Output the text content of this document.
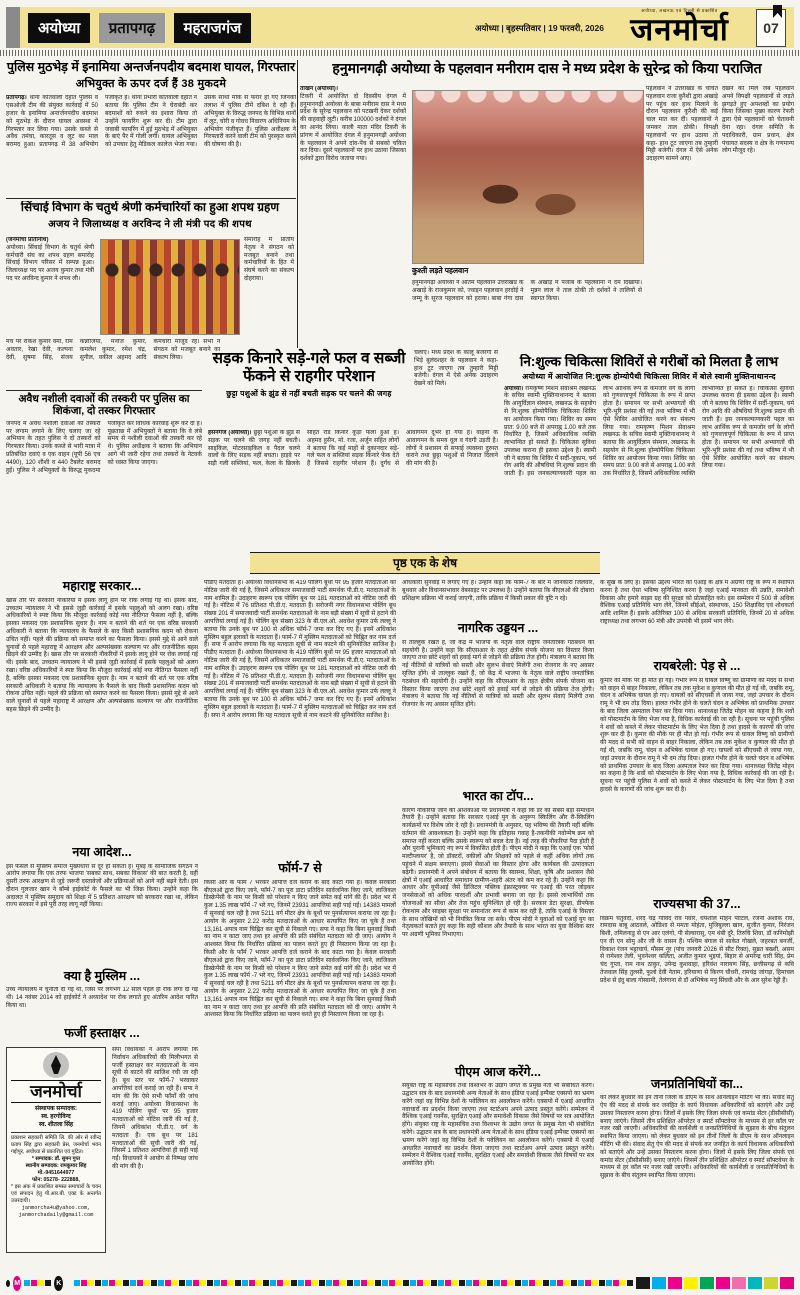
अयोध्या प्रतापगढ़ महराजगंज	अयोध्या | बृहस्पतिवार | 19 फरवरी, 2026
अयोध्या, लखनऊ एवं दिल्ली से प्रकाशित
जनमोर्चा	07
पुलिस मुठभेड़ में इनामिया अन्तर्जनपदीय बदमाश घायल, गिरफ्तार
अभियुक्त के ऊपर दर्ज हैं 38 मुकदमे
प्रतापगढ़। थाना कोतवाली देहात पुलिस व एसओजी टीम की संयुक्त कार्रवाई में 50 हजार के इनामिया अन्तर्जनपदीय बदमाश को मुठभेड़ के दौरान घायल अवस्था में गिरफ्तार कर लिया गया। उसके कब्जे से अवैध तमंचा, कारतूस व लूट का माल बरामद हुआ। प्रतापगढ़ में 38 अभियोग पंजीकृत हैं। थाना प्रभारी कोतवाली देहात ने बताया कि पुलिस टीम ने घेराबंदी कर बदमाशों को रुकने का इशारा किया तो उन्होंने फायरिंग शुरू कर दी। टीम द्वारा जवाबी फायरिंग में हुई मुठभेड़ में अभियुक्त के बाएं पैर में गोली लगी। घायल अभियुक्त को उपचार हेतु मेडिकल कालेज भेजा गया। उसके साथी मौके से फरार हो गए जिनकी तलाश में पुलिस टीमें दबिश दे रही हैं। अभियुक्त के विरुद्ध जनपद के विभिन्न थानों में लूट, चोरी व गोवध निवारण अधिनियम के अभियोग पंजीकृत हैं। पुलिस अधीक्षक ने गिरफ्तारी करने वाली टीम को पुरस्कृत करने की घोषणा की है।
हनुमानगढ़ी अयोध्या के पहलवान मनीराम दास ने मध्य प्रदेश के सुरेन्द्र को किया पराजित
ताखन (अयोध्या)।
टिकरी में आयोजित दो दिवसीय दंगल में हनुमानगढ़ी अयोध्या के बाबा मनीराम दास ने मध्य प्रदेश के सुरेन्द्र पहलवान को पटखनी देकर दर्शकों की वाहवाही लूटी। करीब 100000 दर्शकों ने दंगल का आनंद लिया। काली माता मंदिर टिकरी के प्रांगण में आयोजित दंगल में हनुमानगढ़ी अयोध्या के पहलवान ने अपने दांव-पेंच से सबको चकित कर दिया। दूसरे पहलवानों पर हाथ उठाया जिसका दर्शकों द्वारा विरोध जताया गया।
कुश्ती लड़ते पहलवान
हनुमानगढ़ी अयोध्या ने अंतिम पहलवान उत्तराखंड के अखाड़े के राजकुमार को, ज्वाइन पहलवान हरदोई ने जम्मू के सूरज पहलवान को हराया। बाबा गंगा दास के अखाड़े में पंजाब के पहलवानों ने दम दिखाया। मुन्नन लाल ने ताल ठोकी तो दर्शकों ने तालियों से स्वागत किया।
पहलवान ने उत्तराखंड के चर्चित पहलवान राजा कुरैशी द्वारा अखाड़े पर पहुंच कर हाथ मिलाने के दौरान पहलवान कुरैशी की कई चाल मात कर दी। पहलवानों ने जमकर ताल ठोकी। विपक्षी पहलवानों पर हाथ उठाया तो कहा- हाथ टूट जाएगा तब तुम्हारी मिट्टी बजेगी। दंगल में ऐसे अनेक उदाहरण सामने आए।
देखने को मिले जब पहलवान अपने विपक्षी पहलवानों से लड़ते झगड़ते हुए अपशब्दों का प्रयोग किया जिसका मुख्य कारण रेफरी द्वारा ऐसे पहलवानों को चेतावनी देना रहा। दंगल समिति के पदाधिकारी, ग्राम प्रधान, क्षेत्र पंचायत सदस्य व क्षेत्र के गणमान्य लोग मौजूद रहे।
सिंचाई विभाग के चतुर्थ श्रेणी कर्मचारियों का हुआ शपथ ग्रहण
अजय ने जिलाध्यक्ष व अरविन्द ने ली मंत्री पद की शपथ
(जनमोर्चा प्रतिनिधि)
अयोध्या। सिंचाई विभाग के चतुर्थ श्रेणी कर्मचारी संघ का शपथ ग्रहण समारोह सिंचाई विभाग परिसर में सम्पन्न हुआ। जिलाध्यक्ष पद पर अजय कुमार तथा मंत्री पद पर अरविन्द कुमार ने शपथ ली।
समारोह में प्रांतीय नेतृत्व ने संगठन को मजबूत बनाने तथा कर्मचारियों के हित में संघर्ष करने का संकल्प दोहराया।
मंच पर राकेश कुमार वर्मा, राम अवतार, रेखा देवी, कल्पना देवी, सुषमा सिंह, संजय कन्नौजिया, मनोज कुमार, कमलेश कुमार, रमेश चंद्र, सुनील, वकील अहमद आदि कर्मचारी मौजूद रहे। सभी ने संगठन को मजबूत बनाने का संकल्प लिया।
अवैध नशीली दवाओं की तस्करी पर पुलिस का शिकंजा, दो तस्कर गिरफ्तार
जनपद में अवैध नशीली दवाओं की तस्करी पर लगाम लगाने के लिए चलाए जा रहे अभियान के तहत पुलिस ने दो तस्करों को गिरफ्तार किया। उनके कब्जे से भारी मात्रा में प्रतिबंधित दवाएं व एक वाहन (यूपी 56 एच 4490), 120 शीशी व 440 टैबलेट बरामद हुईं। पुलिस ने अभियुक्तों के विरुद्ध मुकदमा पंजीकृत कर विधिक कार्रवाई शुरू कर दी है। पूछताछ में अभियुक्तों ने बताया कि वे लंबे समय से नशीली दवाओं की तस्करी कर रहे थे। पुलिस अधीक्षक ने बताया कि अभियान आगे भी जारी रहेगा तथा तस्करों के नेटवर्क को ध्वस्त किया जाएगा।
सड़क किनारे सड़े-गले फल व सब्जी फेंकने से राहगीर परेशान
छुट्टा पशुओं के झुंड से नहीं बचती सड़क पर चलने की जगह
चलाए। मध्य प्रदेश के कालू बजरंगी से भिड़े बुलंदशहर के पहलवान ने कहा- हाथ टूट जाएगा तब तुम्हारी मिट्टी बजेगी। दंगल में ऐसे अनेक उदाहरण देखने को मिले।
हसनगंज (अयोध्या)। छुट्टा पशुओं के झुंड से सड़क पर चलने की जगह नहीं बचती। साइकिल, मोटरसाइकिल व पैदल चलने वालों के लिए सड़क नहीं बचता। हाइवे पर सड़ी गली सब्जियां, फल, केला के छिलके सहित रोड किनारे कूड़ा फैला हुआ है। अहमद हुसैन, मो. रजा, अर्जुन सहित लोगों ने बताया कि कई माहों से दुकानदार सड़े-गले फल व सब्जियां सड़क किनारे फेंक देते हैं जिससे राहगीर परेशान हैं। दुर्गंध से आवागमन दूभर हो गया है। वाहनों के आवागमन के समय धूल व गंदगी उड़ती है। लोगों ने प्रशासन से सफाई व्यवस्था दुरुस्त कराने तथा छुट्टा पशुओं से निजात दिलाने की मांग की है।
नि:शुल्क चिकित्सा शिविरों से गरीबों को मिलता है लाभ
अयोध्या में आयोजित नि:शुल्क होम्योपैथी चिकित्सा शिविर में बोले स्वामी मुक्तिनाथानन्द
अयोध्या। रामकृष्ण मिशन सेवाश्रम लखनऊ के सचिव स्वामी मुक्तिनाथानन्द ने बताया कि आयुर्विज्ञान संस्थान, लखनऊ के सहयोग से नि:शुल्क होम्योपैथिक चिकित्सा शिविर का आयोजन किया गया। शिविर का समय प्रात: 9.00 बजे से अपराह्न 1.00 बजे तक निर्धारित है, जिसमें अधिकाधिक व्यक्ति लाभान्वित हो सकते हैं। चिकित्सा सुविधा उपलब्ध कराना ही इसका उद्देश्य है। स्वामी जी ने बताया कि शिविर में सर्दी-जुकाम, चर्म रोग आदि की औषधियां नि:शुल्क प्रदान की जाती हैं। इस जनकल्याणकारी पहल का लाभ आर्थिक रूप से कमजोर वर्ग के लोगों को गुणवत्तापूर्ण चिकित्सा के रूप में प्राप्त होता है। समापन पर सभी अभ्यागतों की भूरि-भूरि प्रशंसा की गई तथा भविष्य में भी ऐसे शिविर आयोजित करने का संकल्प लिया गया। रामकृष्ण मिशन सेवाश्रम लखनऊ के सचिव स्वामी मुक्तिनाथानन्द ने बताया कि आयुर्विज्ञान संस्थान, लखनऊ के सहयोग से नि:शुल्क होम्योपैथिक चिकित्सा शिविर का आयोजन किया गया। शिविर का समय प्रात: 9.00 बजे से अपराह्न 1.00 बजे तक निर्धारित है, जिसमें अधिकाधिक व्यक्ति लाभान्वित हो सकते हैं। चिकित्सा सुविधा उपलब्ध कराना ही इसका उद्देश्य है। स्वामी जी ने बताया कि शिविर में सर्दी-जुकाम, चर्म रोग आदि की औषधियां नि:शुल्क प्रदान की जाती हैं। इस जनकल्याणकारी पहल का लाभ आर्थिक रूप से कमजोर वर्ग के लोगों को गुणवत्तापूर्ण चिकित्सा के रूप में प्राप्त होता है। समापन पर सभी अभ्यागतों की भूरि-भूरि प्रशंसा की गई तथा भविष्य में भी ऐसे शिविर आयोजित करने का संकल्प लिया गया।
पृष्ठ एक के शेष
महाराष्ट्र सरकार...
खास तौर पर सरकारी नौकरियों में इसके लागू होने पर रोक लगाई गई थी। इसके बाद, उच्चतम न्यायालय ने भी इससे जुड़ी कार्रवाई में इसके पहलुओं को अलग रखा। वरिष्ठ अधिकारियों ने स्पष्ट किया कि मौजूदा कार्रवाई कोई नया नीतिगत फैसला नहीं है, बल्कि इसका मकसद एक प्रशासनिक सुधार है। नाम न बताने की शर्त पर एक वरिष्ठ सरकारी अधिकारी ने बताया कि न्यायालय के फैसले के बाद किसी प्रशासनिक कदम को रोकना उचित नहीं। पहले की प्रक्रिया को समाप्त करने का फैसला किया। इससे मुद्दे से आने वाले चुनावों से पहले महाराष्ट्र में आरक्षण और अल्पसंख्यक कल्याण पर और राजनीतिक बहस छिड़ने की उम्मीद है। खास तौर पर सरकारी नौकरियों में इसके लागू होने पर रोक लगाई गई थी। इसके बाद, उच्चतम न्यायालय ने भी इससे जुड़ी कार्रवाई में इसके पहलुओं को अलग रखा। वरिष्ठ अधिकारियों ने स्पष्ट किया कि मौजूदा कार्रवाई कोई नया नीतिगत फैसला नहीं है, बल्कि इसका मकसद एक प्रशासनिक सुधार है। नाम न बताने की शर्त पर एक वरिष्ठ सरकारी अधिकारी ने बताया कि न्यायालय के फैसले के बाद किसी प्रशासनिक कदम को रोकना उचित नहीं। पहले की प्रक्रिया को समाप्त करने का फैसला किया। इससे मुद्दे से आने वाले चुनावों से पहले महाराष्ट्र में आरक्षण और अल्पसंख्यक कल्याण पर और राजनीतिक बहस छिड़ने की उम्मीद है।
नया आदेश...
इस फैसले से मुस्लिम समाज मुख्यधारा से दूर हो सकता है। मुंबई के सामाजिक संगठन ने आरोप लगाया कि एक तरफ भाजपा 'सबका साथ, सबका विकास' की बात करती है, वहीं दूसरी तरफ आरक्षण से जुड़े जरूरी दस्तावेजों और प्रक्रियाओं को आगे नहीं बढ़ने देती। इस दौरान गुलजार खान ने बॉम्बे हाईकोर्ट के फैसले का भी जिक्र किया। उन्होंने कहा कि अदालत ने मुस्लिम समुदाय को शिक्षा में 5 प्रतिशत आरक्षण को बरकरार रखा था, लेकिन राज्य सरकार ने इसे पूरी तरह लागू नहीं किया।
क्या है मुस्लिम ...
उच्च न्यायालय में चुनौती दी गई थी, जिस पर लगभग 12 साल पहले ही रोक लगा दी गई थी। 14 नवंबर 2014 को हाईकोर्ट ने अध्यादेश पर रोक लगाते हुए अंतरिम आदेश पारित किया था।
फर्जी हस्ताक्षर ...
जनमोर्चा
संस्थापक सम्पादक:
स्व. हरगोविन्द
स्व. शीतला सिंह
प्रकाशन सहकारी समिति लि. की ओर से रवीन्द्र प्रताप सिंह द्वारा सहकारी प्रेस, जनमोर्चा भवन गद्दोपुर, अयोध्या से प्रकाशित एवं मुद्रित।
* सम्पादक: डॉ. सुमन गुप्त
स्थानीय सम्पादक: रामकुमार सिंह
मो.-9451644977
फोन: 05278- 222888,
* इस अंक में प्रकाशित समस्त समाचारों के चयन एवं संपादन हेतु पी.आर.बी. एक्ट के अन्तर्गत उत्तरदायी।
janmorcha4u@yahoo.com, janmorchadaily@gmail.com
सपा विधायकों ने आरोप लगाया कि निर्वाचन अधिकारियों की मिलीभगत से फर्जी हस्ताक्षर कर मतदाताओं के नाम सूची से काटने की साजिश रची जा रही है। बूथ स्तर पर फॉर्म-7 भरवाकर आपत्तियां दर्ज कराई जा रही हैं। सपा ने मांग की कि ऐसे सभी फॉर्मों की जांच कराई जाए। अयोध्या विधानसभा के 419 पोलिंग बूथों पर 95 हजार मतदाताओं को नोटिस जारी की गई है, जिनमें अधिकांश पी.डी.ए. वर्ग के मतदाता हैं। एक बूथ पर 181 मतदाताओं की सूची जारी की गई, जिसमें 1 प्रतिशत आपत्तियां ही सही पाई गईं। विधायकों ने आयोग से निष्पक्ष जांच की मांग की है।
पीडीए मतदाता हैं। अयोध्या विधानसभा के 419 पोलिंग बूथों पर 95 हजार मतदाताओं को नोटिस जारी की गई है, जिसमें अधिकतर समाजवादी पार्टी समर्थक पी.डी.ए. मतदाताओं के नाम शामिल हैं। उदाहरण स्वरूप एक पोलिंग बूथ पर 181 मतदाताओं को नोटिस जारी की गई है। नोटिस में 76 प्रतिशत पी.डी.ए. मतदाता हैं। सरोजनी नगर विधानसभा पोलिंग बूथ संख्या 201 में समाजवादी पार्टी समर्थक मतदाताओं के नाम बड़ी संख्या में सूची से हटाने की आपत्तियां लगाई गई हैं। पोलिंग बूथ संख्या 323 के बी.एल.ओ. अवधेश कुमार उर्फ लल्लू ने बताया कि उनके बूथ पर 100 से अधिक फॉर्म-7 जमा कर दिए गए हैं। इनमें अधिकांश मुस्लिम बहुल इलाकों के मतदाता हैं। फार्म-7 में मुस्लिम मतदाताओं को चिह्नित कर नाम दर्ज हैं। सपा ने आरोप लगाया कि यह मतदाता सूची से नाम काटने की सुनियोजित साजिश है। पीडीए मतदाता हैं। अयोध्या विधानसभा के 419 पोलिंग बूथों पर 95 हजार मतदाताओं को नोटिस जारी की गई है, जिसमें अधिकतर समाजवादी पार्टी समर्थक पी.डी.ए. मतदाताओं के नाम शामिल हैं। उदाहरण स्वरूप एक पोलिंग बूथ पर 181 मतदाताओं को नोटिस जारी की गई है। नोटिस में 76 प्रतिशत पी.डी.ए. मतदाता हैं। सरोजनी नगर विधानसभा पोलिंग बूथ संख्या 201 में समाजवादी पार्टी समर्थक मतदाताओं के नाम बड़ी संख्या में सूची से हटाने की आपत्तियां लगाई गई हैं। पोलिंग बूथ संख्या 323 के बी.एल.ओ. अवधेश कुमार उर्फ लल्लू ने बताया कि उनके बूथ पर 100 से अधिक फॉर्म-7 जमा कर दिए गए हैं। इनमें अधिकांश मुस्लिम बहुल इलाकों के मतदाता हैं। फार्म-7 में मुस्लिम मतदाताओं को चिह्नित कर नाम दर्ज हैं। सपा ने आरोप लगाया कि यह मतदाता सूची से नाम काटने की सुनियोजित साजिश है।
फॉर्म-7 से
किसी और के फॉर्म 7 भरकर आपत्ति दर्ज कराने के बाद काटा गया है। केवल सरकारी बीएलओ द्वारा किए जाने, फॉर्म-7 का पूरा डाटा प्रतिदिन सार्वजनिक किए जाने, लाजिकल डिस्क्रेपेंसी के नाम पर किसी को परेशान न किए जाने समेत कई मांगें की हैं। प्रदेश भर में कुल 1.35 लाख फॉर्म -7 भरे गए, जिनमें 23931 आपत्तियां सही पाई गईं। 14383 मामलों में सुनवाई चल रही है तथा 5211 वर्ग मीटर क्षेत्र के बूथों पर पुनर्सत्यापन कराया जा रहा है। आयोग के अनुसार 2.22 करोड़ मतदाताओं के आधार सत्यापित किए जा चुके हैं तथा 13,161 अपात्र नाम चिह्नित कर सूची से निकाले गए। सपा ने कहा कि बिना सुनवाई किसी का नाम न काटा जाए तथा हर आपत्ति की प्रति संबंधित मतदाता को दी जाए। आयोग ने आश्वस्त किया कि निर्धारित प्रक्रिया का पालन करते हुए ही निस्तारण किया जा रहा है। किसी और के फॉर्म 7 भरकर आपत्ति दर्ज कराने के बाद काटा गया है। केवल सरकारी बीएलओ द्वारा किए जाने, फॉर्म-7 का पूरा डाटा प्रतिदिन सार्वजनिक किए जाने, लाजिकल डिस्क्रेपेंसी के नाम पर किसी को परेशान न किए जाने समेत कई मांगें की हैं। प्रदेश भर में कुल 1.35 लाख फॉर्म -7 भरे गए, जिनमें 23931 आपत्तियां सही पाई गईं। 14383 मामलों में सुनवाई चल रही है तथा 5211 वर्ग मीटर क्षेत्र के बूथों पर पुनर्सत्यापन कराया जा रहा है। आयोग के अनुसार 2.22 करोड़ मतदाताओं के आधार सत्यापित किए जा चुके हैं तथा 13,161 अपात्र नाम चिह्नित कर सूची से निकाले गए। सपा ने कहा कि बिना सुनवाई किसी का नाम न काटा जाए तथा हर आपत्ति की प्रति संबंधित मतदाता को दी जाए। आयोग ने आश्वस्त किया कि निर्धारित प्रक्रिया का पालन करते हुए ही निस्तारण किया जा रहा है।
अधिकारी सुनवाई में लगाए गए हैं। उन्होंने कहा कि फॉर्म-7 के बारे में जानकारी जिलेवार, बूथवार और विधानसभावार वेबसाइट पर उपलब्ध है। उन्होंने बताया कि बीएलओ की दोबारा प्रशिक्षण प्रक्रिया भी कराई जाएगी, ताकि प्रक्रिया में किसी प्रकार की त्रुटि न रहे।
नागरिक उड्डयन ...
से ताल्लुक रखते हैं, जो केंद्र में भाजपा के नेतृत्व वाले राष्ट्रीय जनतांत्रिक गठबंधन की सहयोगी है। उन्होंने कहा कि सीएसआर के तहत क्षेत्रीय संपर्क योजना का विस्तार किया जाएगा तथा छोटे शहरों को हवाई मार्ग से जोड़ने की प्रक्रिया तेज होगी। मंत्रालय ने बताया कि नई नीतियों से यात्रियों को सस्ती और सुलभ सेवाएं मिलेंगी तथा रोजगार के नए अवसर सृजित होंगे। से ताल्लुक रखते हैं, जो केंद्र में भाजपा के नेतृत्व वाले राष्ट्रीय जनतांत्रिक गठबंधन की सहयोगी है। उन्होंने कहा कि सीएसआर के तहत क्षेत्रीय संपर्क योजना का विस्तार किया जाएगा तथा छोटे शहरों को हवाई मार्ग से जोड़ने की प्रक्रिया तेज होगी। मंत्रालय ने बताया कि नई नीतियों से यात्रियों को सस्ती और सुलभ सेवाएं मिलेंगी तथा रोजगार के नए अवसर सृजित होंगे।
भारत का टॉप...
कारण नौकरियां जाने की आशंकाओं पर प्रधानमंत्री ने कहा कि डर का सबसे बड़ा समाधान तैयारी है। उन्होंने बताया कि सरकार एआई युग के अनुरूप स्किलिंग और री-स्किलिंग कार्यक्रमों पर विशेष जोर दे रही है। प्रधानमंत्री के अनुसार, यह भविष्य की तैयारी नहीं बल्कि वर्तमान की आवश्यकता है। उन्होंने कहा कि इतिहास गवाह है-तकनीकी नवोन्मेष क्रम को समाप्त नहीं करता बल्कि उसके स्वरूप को बदल देता है। नई तरह की नौकरियां पैदा होती हैं और पुरानी भूमिकाएं नए रूप में विकसित होती हैं। पीएम मोदी ने कहा कि एआई एक 'फोर्स मल्टीप्लायर' है, जो डॉक्टरों, वकीलों और शिक्षकों को पहले से कहीं अधिक लोगों तक पहुंचने में सक्षम बनाएगा। इससे सेवाओं का विस्तार होगा और कार्यबल की उत्पादकता बढ़ेगी। प्रधानमंत्री ने अपने संबोधन में बताया कि स्वास्थ्य, शिक्षा, कृषि और प्रशासन जैसे क्षेत्रों में एआई आधारित समाधान ग्रामीण-शहरी अंतर को कम कर रहे हैं। उन्होंने कहा कि आधार और यूपीआई जैसे डिजिटल पब्लिक इंफ्रास्ट्रक्चर पर एआई की परत जोड़कर जनसेवाओं को अधिक पारदर्शी और प्रभावी बनाया जा रहा है। इससे लाभार्थियों तक योजनाओं का सीधा और तेज पहुंच सुनिश्चित हो रही है। सरकार डेटा सुरक्षा, डीपफेक रोकथाम और साइबर सुरक्षा पर समानांतर रूप से काम कर रही है, ताकि एआई के विस्तार के साथ जोखिमों को भी नियंत्रित किया जा सके। पीएम मोदी ने युवाओं को एआई युग का नेतृत्वकर्ता बताते हुए कहा कि सही कौशल और तैयारी के साथ भारत का युवा वैश्विक स्तर पर अग्रणी भूमिका निभाएगा।
पीएम आज करेंगे...
संयुक्त राष्ट्र के महासचिव तथा विश्वभर के उद्योग जगत के प्रमुख नेता भी संबोधित करेंगे। उद्घाटन सत्र के बाद प्रधानमंत्री अन्य नेताओं के साथ इंडिया एआई इम्पैक्ट एक्सपो का भ्रमण करेंगे जहां वह विभिन्न देशों के पवेलियन का अवलोकन करेंगे। एक्सपो में एआई आधारित नवाचारों का प्रदर्शन किया जाएगा तथा स्टार्टअप अपने उत्पाद प्रस्तुत करेंगे। सम्मेलन में वैश्विक एआई गवर्नेंस, सुरक्षित एआई और समावेशी विकास जैसे विषयों पर सत्र आयोजित होंगे। संयुक्त राष्ट्र के महासचिव तथा विश्वभर के उद्योग जगत के प्रमुख नेता भी संबोधित करेंगे। उद्घाटन सत्र के बाद प्रधानमंत्री अन्य नेताओं के साथ इंडिया एआई इम्पैक्ट एक्सपो का भ्रमण करेंगे जहां वह विभिन्न देशों के पवेलियन का अवलोकन करेंगे। एक्सपो में एआई आधारित नवाचारों का प्रदर्शन किया जाएगा तथा स्टार्टअप अपने उत्पाद प्रस्तुत करेंगे। सम्मेलन में वैश्विक एआई गवर्नेंस, सुरक्षित एआई और समावेशी विकास जैसे विषयों पर सत्र आयोजित होंगे।
के सुख के लिए है। इसका उद्देश्य भारत को एआई के क्षेत्र में अग्रणी राष्ट्र के रूप में स्थापित करना है तथा ऐसा भविष्य सुनिश्चित करना है जहां एआई मानवता की उन्नति, समावेशी विकास और हमारे साझा ग्रह की सुरक्षा को प्रोत्साहित करे। इस सम्मेलन में 500 से अधिक वैश्विक एआई प्रतिनिधि भाग लेंगे, जिनमें सीईओ, संस्थापक, 150 शिक्षाविद एवं शोधकर्ता आदि शामिल हैं। इसके अतिरिक्त 100 से अधिक सरकारी प्रतिनिधि, जिनमें 20 से अधिक राष्ट्राध्यक्ष तथा लगभग 60 मंत्री और उपमंत्री भी इसमें भाग लेंगे।
रायबरेली: पेड़ से ...
कुमार की मौके पर ही मौत हो गई। गंभीर रूप से घायल विष्णु को ग्रामीणों की मदद से सभी को वाहन से बाहर निकाला, लेकिन तब तक मुकेश व कुणाल की मौत हो गई थी, जबकि रामू, चंदन व अभिषेक घायल हो गए। घायलों को सीएचसी ले जाया गया, जहां उपचार के दौरान रामू ने भी दम तोड़ दिया। हालत गंभीर होने के चलते चंदन व अभिषेक को प्राथमिक उपचार के बाद जिला अस्पताल रेफर कर दिया गया। थानाध्यक्ष जितेंद्र मोहन का कहना है कि शवों को पोस्टमार्टम के लिए भेजा गया है, विधिक कार्रवाई की जा रही है। सूचना पर पहुंची पुलिस ने शवों को कब्जे में लेकर पोस्टमार्टम के लिए भेज दिया है तथा हादसे के कारणों की जांच शुरू कर दी है। कुमार की मौके पर ही मौत हो गई। गंभीर रूप से घायल विष्णु को ग्रामीणों की मदद से सभी को वाहन से बाहर निकाला, लेकिन तब तक मुकेश व कुणाल की मौत हो गई थी, जबकि रामू, चंदन व अभिषेक घायल हो गए। घायलों को सीएचसी ले जाया गया, जहां उपचार के दौरान रामू ने भी दम तोड़ दिया। हालत गंभीर होने के चलते चंदन व अभिषेक को प्राथमिक उपचार के बाद जिला अस्पताल रेफर कर दिया गया। थानाध्यक्ष जितेंद्र मोहन का कहना है कि शवों को पोस्टमार्टम के लिए भेजा गया है, विधिक कार्रवाई की जा रही है। सूचना पर पहुंची पुलिस ने शवों को कब्जे में लेकर पोस्टमार्टम के लिए भेज दिया है तथा हादसे के कारणों की जांच शुरू कर दी है।
राज्यसभा की 37...
विक्रम चतुर्वेदी, शरद चंद्र गोविंद राव पवार, धैर्यशील मोहन पाटिल, रजनी अशोक राव, रामदास बाबू आठवले, ओडिशा से ममता मोहंता, मुजिबुल्ला खान, सुजीत कुमार, निरंजन बिशी, तमिलनाडु से एन आर एलंगो, पी सेल्वारासु, एम थंबी दुरै, तिरुचि शिवा, डॉ कनिमोझी एन वी एन सोमु और जी के वासन हैं। पश्चिम बंगाल से साकेत गोखले, जहरबत बनर्जी, विकाश रंजन भट्टाचार्य, मौसम नूर (पांच जनवरी 2026 से सीट रिक्त), सुब्रत बख्शी, असम से रामेश्वर तेली, भुवनेश्वर कलिता, अजीत कुमार भुइयां, बिहार से अमरेन्द्र धारी सिंह, प्रेम चंद गुप्ता, राम नाथ ठाकुर, उपेन्द्र कुशवाहा, हरिवंश नारायण सिंह, छत्तीसगढ़ से कवि तेजवाल सिंह तुलसी, फूलो देवी नेताम, हरियाणा से किरण चौधरी, रामचंद्र जांगड़ा, हिमाचल प्रदेश से इंदु बाला गोस्वामी, तेलंगाना से डॉ अभिषेक मनु सिंघवी और के आर सुरेश रेड्डी हैं।
जनप्रतिनिधियों का...
को लेकर बुधवार को इन तीनों जिलों के डीएम के साथ ऑनलाइन मीटिंग भी की। संवाद सेतु ऐप की मदद से संपर्क कर जनहित के कार्य विधायक अधिकारियों को बताएंगे और उन्हें उसका निस्तारण करना होगा। जिलों में इसके लिए जिला संपर्क एवं कमांड सेंटर (डीसीसीसी) बनाए जाएंगे। जिसमें तीन प्रशिक्षित ऑपरेटर व स्मार्ट सॉफ्टवेयर के माध्यम से हर कॉल पर नजर रखी जाएगी। अधिकारियों की कार्यशैली व जनप्रतिनिधियों के सुझाव के बीच संतुलन स्थापित किया जाएगा। को लेकर बुधवार को इन तीनों जिलों के डीएम के साथ ऑनलाइन मीटिंग भी की। संवाद सेतु ऐप की मदद से संपर्क कर जनहित के कार्य विधायक अधिकारियों को बताएंगे और उन्हें उसका निस्तारण करना होगा। जिलों में इसके लिए जिला संपर्क एवं कमांड सेंटर (डीसीसीसी) बनाए जाएंगे। जिसमें तीन प्रशिक्षित ऑपरेटर व स्मार्ट सॉफ्टवेयर के माध्यम से हर कॉल पर नजर रखी जाएगी। अधिकारियों की कार्यशैली व जनप्रतिनिधियों के सुझाव के बीच संतुलन स्थापित किया जाएगा।
M	K
